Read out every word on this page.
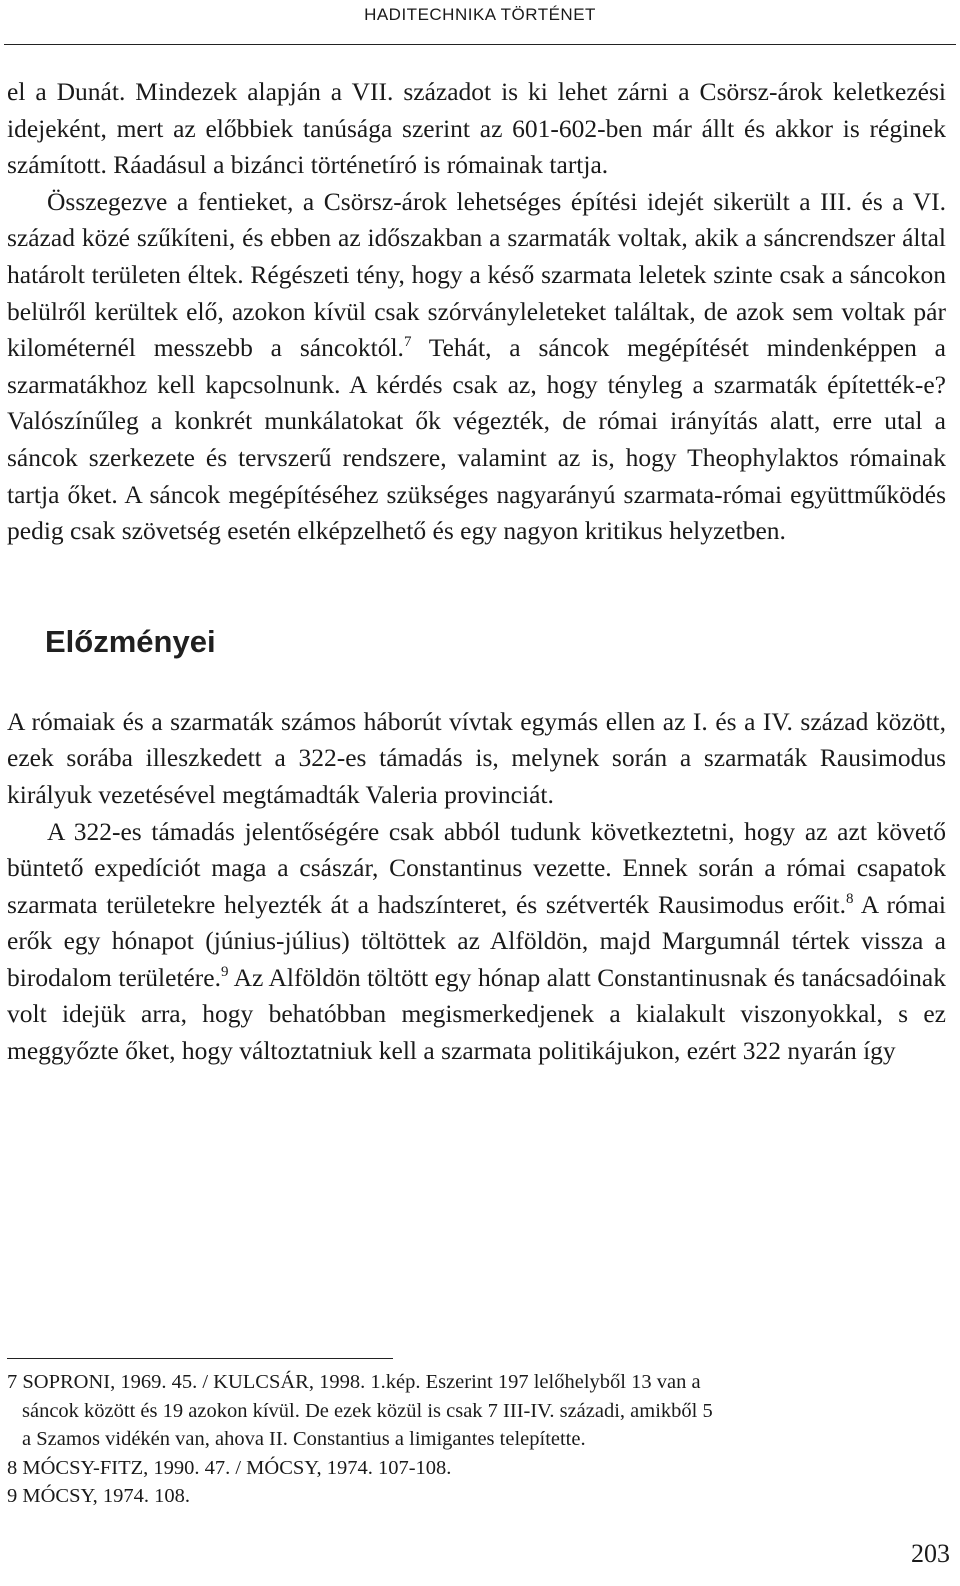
HADITECHNIKA TÖRTÉNET

el a Dunát. Mindezek alapján a VII. századot is ki lehet zárni a Csörsz-árok keletkezési idejeként, mert az előbbiek tanúsága szerint az 601-602-ben már állt és akkor is réginek számított. Ráadásul a bizánci történetíró is rómainak tartja.

Összegezve a fentieket, a Csörsz-árok lehetséges építési idejét sikerült a III. és a VI. század közé szűkíteni, és ebben az időszakban a szarmaták voltak, akik a sáncrendszer által határolt területen éltek. Régészeti tény, hogy a késő szarmata leletek szinte csak a sáncokon belülről kerültek elő, azokon kívül csak szórványleleteket találtak, de azok sem voltak pár kilométernél messzebb a sáncoktól.$^7$ Tehát, a sáncok megépítését mindenképpen a szarmatákhoz kell kapcsolnunk. A kérdés csak az, hogy tényleg a szarmaták építették-e? Valószínűleg a konkrét munkálatokat ők végezték, de római irányítás alatt, erre utal a sáncok szerkezete és tervszerű rendszere, valamint az is, hogy Theophylaktos rómainak tartja őket. A sáncok megépítéséhez szükséges nagyarányú szarmata-római együttműködés pedig csak szövetség esetén elképzelhető és egy nagyon kritikus helyzetben.

Előzményei

A rómaiak és a szarmaták számos háborút vívtak egymás ellen az I. és a IV. század között, ezek sorába illeszkedett a 322-es támadás is, melynek során a szarmaták Rausimodus királyuk vezetésével megtámadták Valeria provinciát.

A 322-es támadás jelentőségére csak abból tudunk következtetni, hogy az azt követő büntető expedíciót maga a császár, Constantinus vezette. Ennek során a római csapatok szarmata területekre helyezték át a hadszínteret, és szétverték Rausimodus erőit.$^8$ A római erők egy hónapot (június-július) töltöttek az Alföldön, majd Margumnál tértek vissza a birodalom területére.$^9$ Az Alföldön töltött egy hónap alatt Constantinusnak és tanácsadóinak volt idejük arra, hogy behatóbban megismerkedjenek a kialakult viszonyokkal, s ez meggyőzte őket, hogy változtatniuk kell a szarmata politikájukon, ezért 322 nyarán így

7 SOPRONI, 1969. 45. / KULCSÁR, 1998. 1.kép. Eszerint 197 lelőhelyből 13 van a
sáncok között és 19 azokon kívül. De ezek közül is csak 7 III-IV. századi, amikből 5
a Szamos vidékén van, ahova II. Constantius a limigantes telepítette.
8 MÓCSY-FITZ, 1990. 47. / MÓCSY, 1974. 107-108.
9 MÓCSY, 1974. 108.
203
